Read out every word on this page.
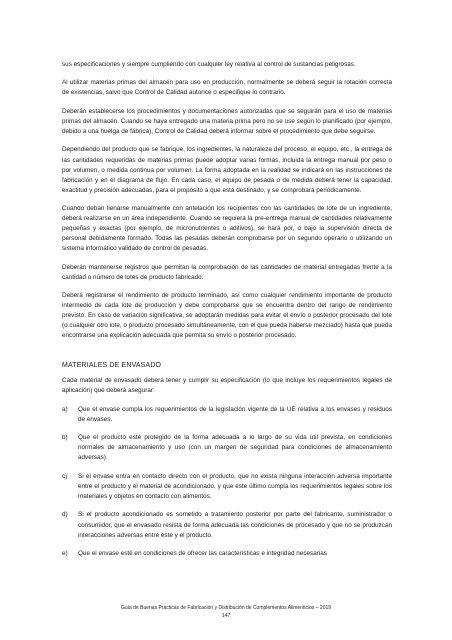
sus especificaciones y siempre cumpliendo con cualquier ley relativa al control de sustancias peligrosas.

Al utilizar materias primas del almacén para uso en producción, normalmente se deberá seguir la rotación correcta de existencias, salvo que Control de Calidad autorice o especifique lo contrario.

Deberán establecerse los procedimientos y documentaciones autorizadas que se seguirán para el uso de materias primas del almacén. Cuando se haya entregado una materia prima pero no se use según lo planificado (por ejemplo, debido a una huelga de fábrica), Control de Calidad deberá informar sobre el procedimiento que debe seguirse.

Dependiendo del producto que se fabrique, los ingredientes, la naturaleza del proceso, el equipo, etc., la entrega de las cantidades requeridas de materias primas puede adoptar varias formas, incluida la entrega manual por peso o por volumen, o medida continua por volumen. La forma adoptada en la realidad se indicará en las instrucciones de fabricación y en el diagrama de flujo. En cada caso, el equipo de pesada o de medida deberá tener la capacidad, exactitud y precisión adecuadas, para el propósito a que está destinado, y se comprobará periódicamente.

Cuando deban llenarse manualmente con antelación los recipientes con las cantidades de lote de un ingrediente, deberá realizarse en un área independiente. Cuando se requiera la pre-entrega manual de cantidades relativamente pequeñas y exactas (por ejemplo, de micronutrientes o aditivos), se hará por, o bajo la supervisión directa de personal debidamente formado. Todas las pesadas deberán comprobarse por un segundo operario o utilizando un sistema informático validado de control de pesadas.

Deberán mantenerse registros que permitan la comprobación de las cantidades de material entregadas frente a la cantidad o número de lotes de producto fabricado.

Deberá registrarse el rendimiento de producto terminado, así como cualquier rendimiento importante de producto intermedio de cada lote de producción y debe comprobarse que se encuentra dentro del rango de rendimiento previsto. En caso de variación significativa, se adoptarán medidas para evitar el envío o posterior procesado del lote (o cualquier otro lote, o producto procesado simultáneamente, con el que pueda haberse mezclado) hasta que pueda encontrarse una explicación adecuada que permita su envío o posterior procesado.

MATERIALES DE ENVASADO

Cada material de envasado deberá tener y cumplir su especificación (lo que incluye los requerimientos legales de aplicación) que deberá asegurar:

a) Que el envase cumpla los requerimientos de la legislación vigente de la UE relativa a los envases y residuos de envases.
b) Que el producto esté protegido de la forma adecuada a lo largo de su vida útil prevista, en condiciones normales de almacenamiento y uso (con un margen de seguridad para condiciones de almacenamiento adversas).
c) Si el envase entra en contacto directo con el producto, que no exista ninguna interacción adversa importante entre el producto y el material de acondicionado, y que este último cumpla los requerimientos legales sobre los materiales y objetos en contacto con alimentos.
d) Si el producto acondicionado es sometido a tratamiento posterior por parte del fabricante, suministrador o consumidor, que el envasado resista de forma adecuada las condiciones de procesado y que no se produzcan interacciones adversas entre éste y el producto.
e) Que el envase esté en condiciones de ofrecer las características e integridad necesarias
Guía de Buenas Prácticas de Fabricación y Distribución de Complementos Alimenticios – 2019
147
